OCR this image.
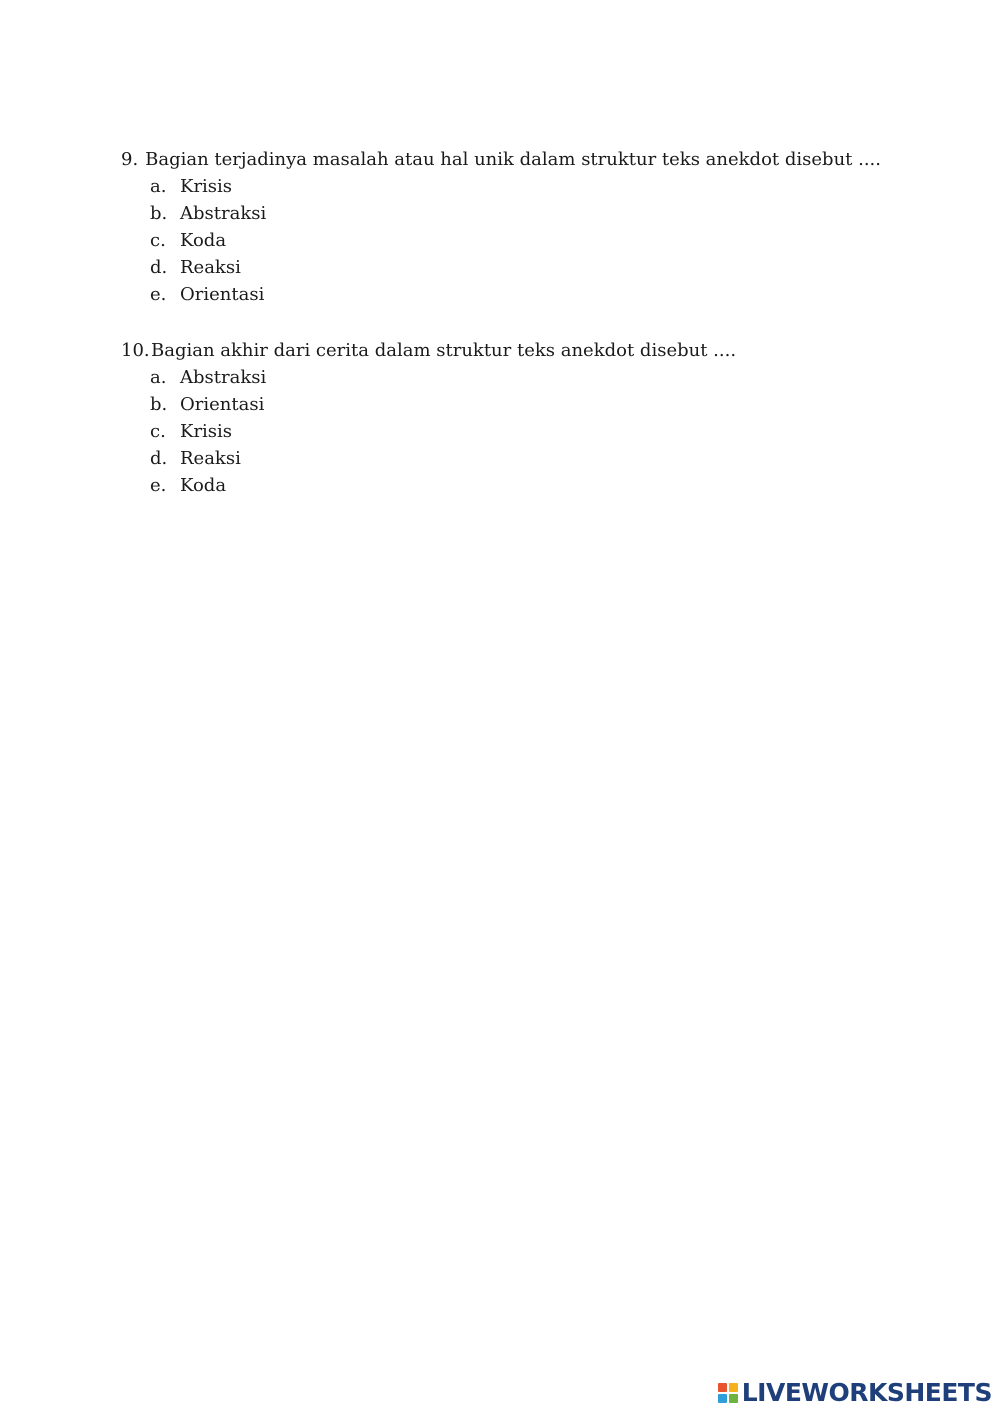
9. Bagian terjadinya masalah atau hal unik dalam struktur teks anekdot disebut ....
a. Krisis
b. Abstraksi
c. Koda
d. Reaksi
e. Orientasi
10. Bagian akhir dari cerita dalam struktur teks anekdot disebut ....
a. Abstraksi
b. Orientasi
c. Krisis
d. Reaksi
e. Koda
LIVEWORKSHEETS
